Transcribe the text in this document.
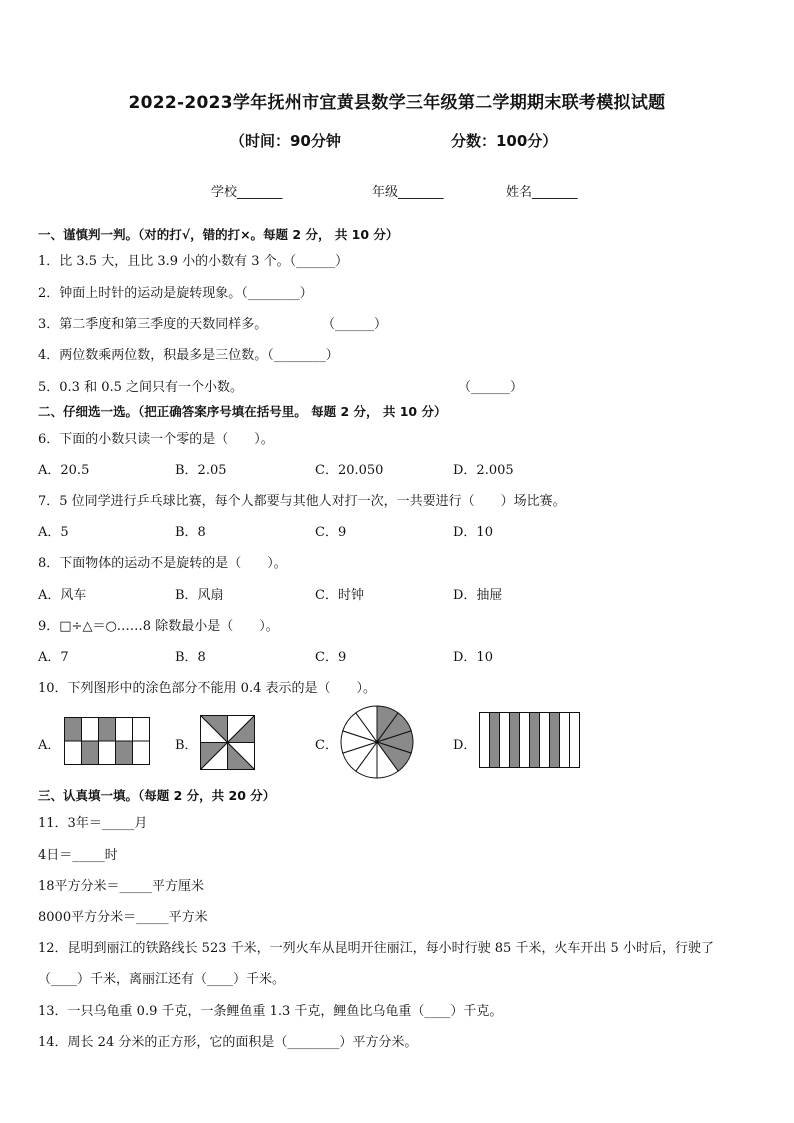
2022-2023学年抚州市宜黄县数学三年级第二学期期末联考模拟试题
（时间：90分钟	分数：100分）
学校_______	年级_______	姓名_______
一、谨慎判一判。（对的打√，错的打×。每题 2 分， 共 10 分）
1．比 3.5 大，且比 3.9 小的小数有 3 个。（______）
2．钟面上时针的运动是旋转现象。（________）
3．第二季度和第三季度的天数同样多。	（______）
4．两位数乘两位数，积最多是三位数。（________）
5．0.3 和 0.5 之间只有一个小数。	（______）
二、仔细选一选。（把正确答案序号填在括号里。 每题 2 分， 共 10 分）
6．下面的小数只读一个零的是（　　）。
A．20.5	B．2.05	C．20.050	D．2.005
7．5 位同学进行乒乓球比赛，每个人都要与其他人对打一次，一共要进行（　　）场比赛。
A．5	B．8	C．9	D．10
8．下面物体的运动不是旋转的是（　　）。
A．风车	B．风扇	C．时钟	D．抽屉
9．□÷△＝○……8 除数最小是（　　）。
A．7	B．8	C．9	D．10
10．下列图形中的涂色部分不能用 0.4 表示的是（　　）。
A．	B．	C．	D．
三、认真填一填。（每题 2 分，共 20 分）
11．3年＝_____月
4日＝_____时
18平方分米＝_____平方厘米
8000平方分米＝_____平方米
12．昆明到丽江的铁路线长 523 千米，一列火车从昆明开往丽江，每小时行驶 85 千米，火车开出 5 小时后，行驶了
（____）千米，离丽江还有（____）千米。
13．一只乌龟重 0.9 千克，一条鲤鱼重 1.3 千克，鲤鱼比乌龟重（____）千克。
14．周长 24 分米的正方形，它的面积是（________）平方分米。
